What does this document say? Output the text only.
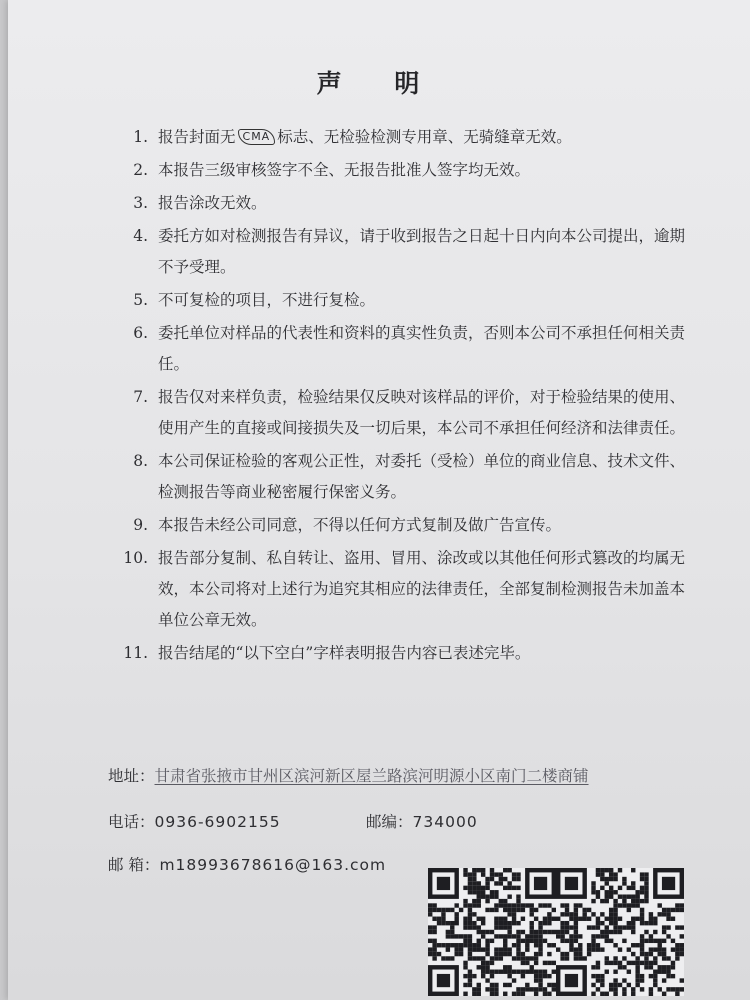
声 明
1. 报告封面无 CMA 标志、无检验检测专用章、无骑缝章无效。
2. 本报告三级审核签字不全、无报告批准人签字均无效。
3. 报告涂改无效。
4. 委托方如对检测报告有异议，请于收到报告之日起十日内向本公司提出，逾期不予受理。
5. 不可复检的项目，不进行复检。
6. 委托单位对样品的代表性和资料的真实性负责，否则本公司不承担任何相关责任。
7. 报告仅对来样负责，检验结果仅反映对该样品的评价，对于检验结果的使用、使用产生的直接或间接损失及一切后果，本公司不承担任何经济和法律责任。
8. 本公司保证检验的客观公正性，对委托（受检）单位的商业信息、技术文件、检测报告等商业秘密履行保密义务。
9. 本报告未经公司同意，不得以任何方式复制及做广告宣传。
10. 报告部分复制、私自转让、盗用、冒用、涂改或以其他任何形式篡改的均属无效，本公司将对上述行为追究其相应的法律责任，全部复制检测报告未加盖本单位公章无效。
11. 报告结尾的“以下空白”字样表明报告内容已表述完毕。
地址：甘肃省张掖市甘州区滨河新区屋兰路滨河明源小区南门二楼商铺
电话：0936-6902155	邮编：734000
邮 箱：m18993678616@163.com
